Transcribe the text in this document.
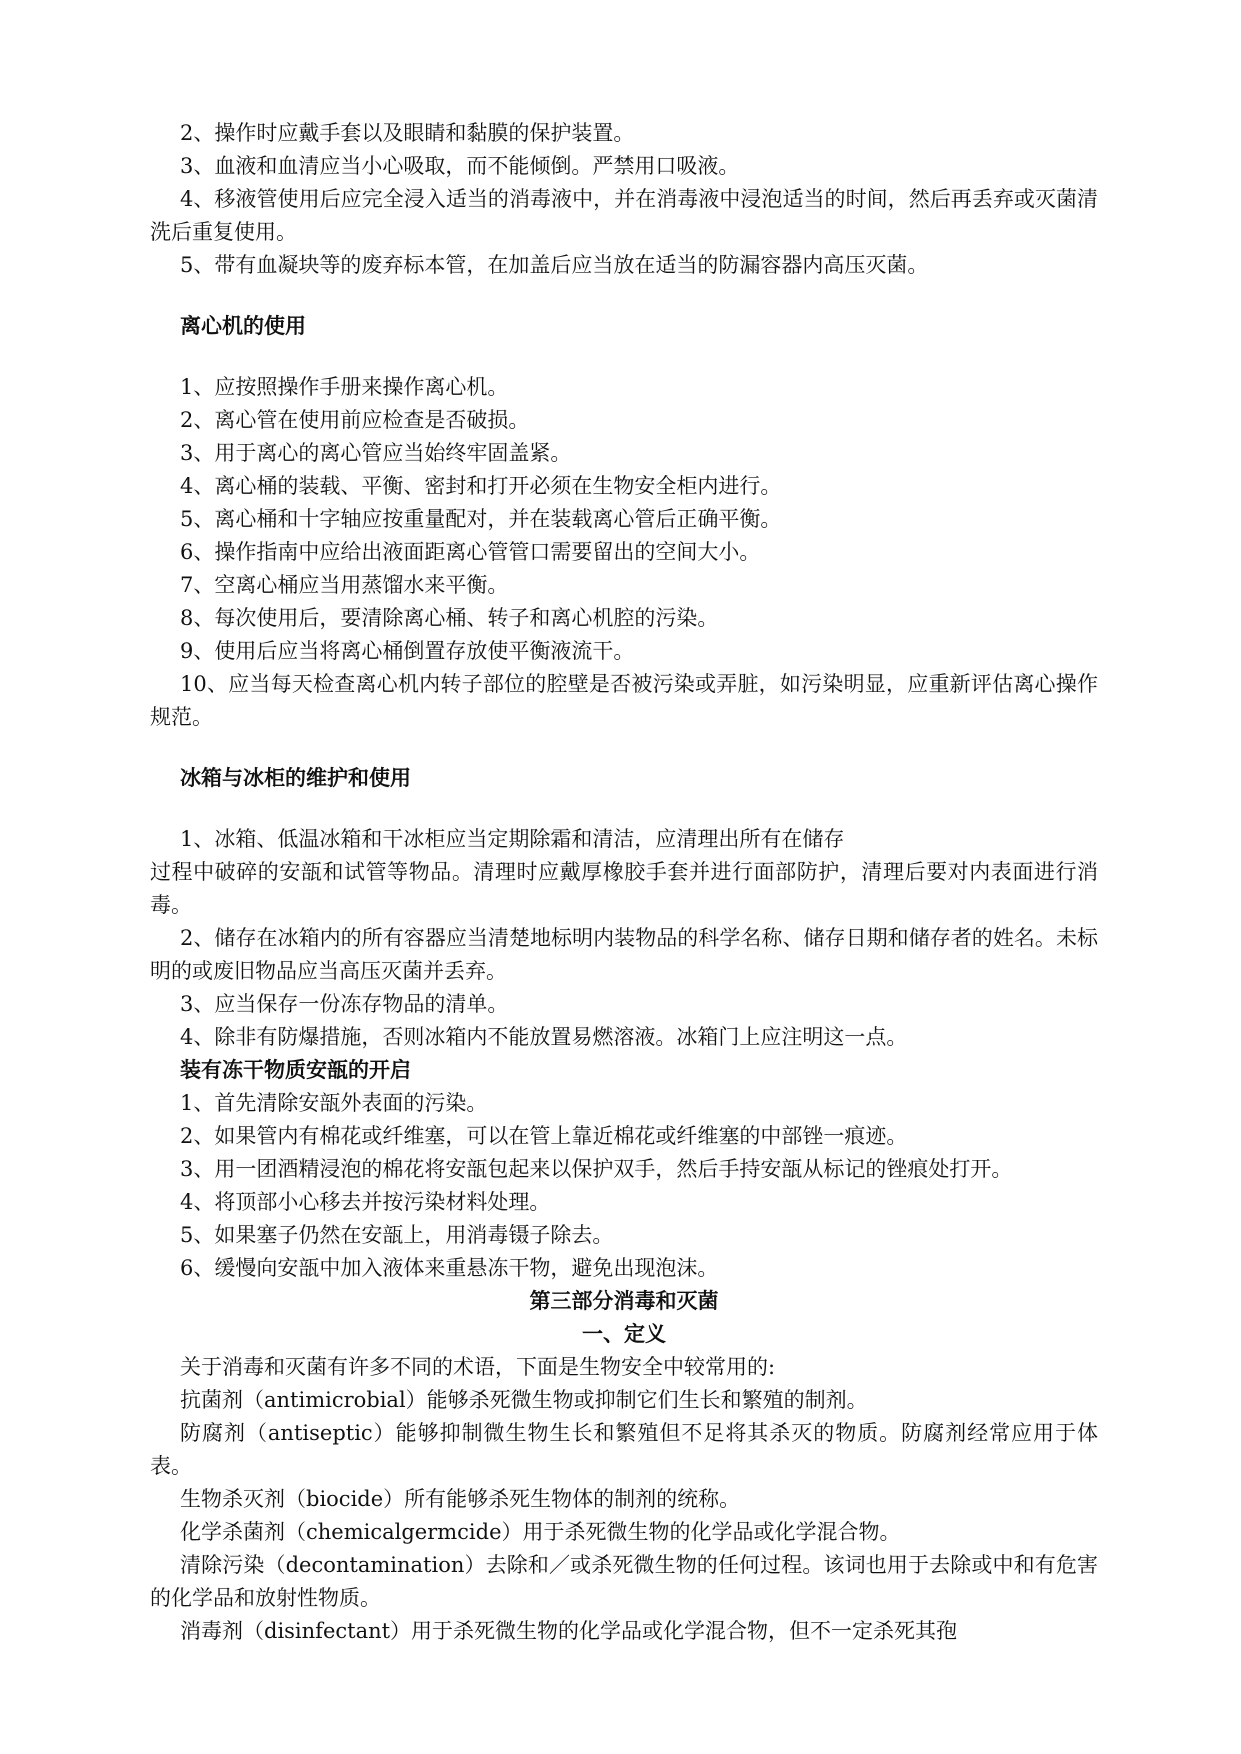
2、操作时应戴手套以及眼睛和黏膜的保护装置。
3、血液和血清应当小心吸取，而不能倾倒。严禁用口吸液。
4、移液管使用后应完全浸入适当的消毒液中，并在消毒液中浸泡适当的时间，然后再丢弃或灭菌清洗后重复使用。
5、带有血凝块等的废弃标本管，在加盖后应当放在适当的防漏容器内高压灭菌。
离心机的使用
1、应按照操作手册来操作离心机。
2、离心管在使用前应检查是否破损。
3、用于离心的离心管应当始终牢固盖紧。
4、离心桶的装载、平衡、密封和打开必须在生物安全柜内进行。
5、离心桶和十字轴应按重量配对，并在装载离心管后正确平衡。
6、操作指南中应给出液面距离心管管口需要留出的空间大小。
7、空离心桶应当用蒸馏水来平衡。
8、每次使用后，要清除离心桶、转子和离心机腔的污染。
9、使用后应当将离心桶倒置存放使平衡液流干。
10、应当每天检查离心机内转子部位的腔壁是否被污染或弄脏，如污染明显，应重新评估离心操作规范。
冰箱与冰柜的维护和使用
1、冰箱、低温冰箱和干冰柜应当定期除霜和清洁，应清理出所有在储存
过程中破碎的安瓿和试管等物品。清理时应戴厚橡胶手套并进行面部防护，清理后要对内表面进行消毒。
2、储存在冰箱内的所有容器应当清楚地标明内装物品的科学名称、储存日期和储存者的姓名。未标明的或废旧物品应当高压灭菌并丢弃。
3、应当保存一份冻存物品的清单。
4、除非有防爆措施，否则冰箱内不能放置易燃溶液。冰箱门上应注明这一点。
装有冻干物质安瓿的开启
1、首先清除安瓿外表面的污染。
2、如果管内有棉花或纤维塞，可以在管上靠近棉花或纤维塞的中部锉一痕迹。
3、用一团酒精浸泡的棉花将安瓿包起来以保护双手，然后手持安瓿从标记的锉痕处打开。
4、将顶部小心移去并按污染材料处理。
5、如果塞子仍然在安瓿上，用消毒镊子除去。
6、缓慢向安瓿中加入液体来重悬冻干物，避免出现泡沫。
第三部分消毒和灭菌
一、定义
关于消毒和灭菌有许多不同的术语，下面是生物安全中较常用的:
抗菌剂（antimicrobial）能够杀死微生物或抑制它们生长和繁殖的制剂。
防腐剂（antiseptic）能够抑制微生物生长和繁殖但不足将其杀灭的物质。防腐剂经常应用于体表。
生物杀灭剂（biocide）所有能够杀死生物体的制剂的统称。
化学杀菌剂（chemicalgermcide）用于杀死微生物的化学品或化学混合物。
清除污染（decontamination）去除和／或杀死微生物的任何过程。该词也用于去除或中和有危害的化学品和放射性物质。
消毒剂（disinfectant）用于杀死微生物的化学品或化学混合物，但不一定杀死其孢
